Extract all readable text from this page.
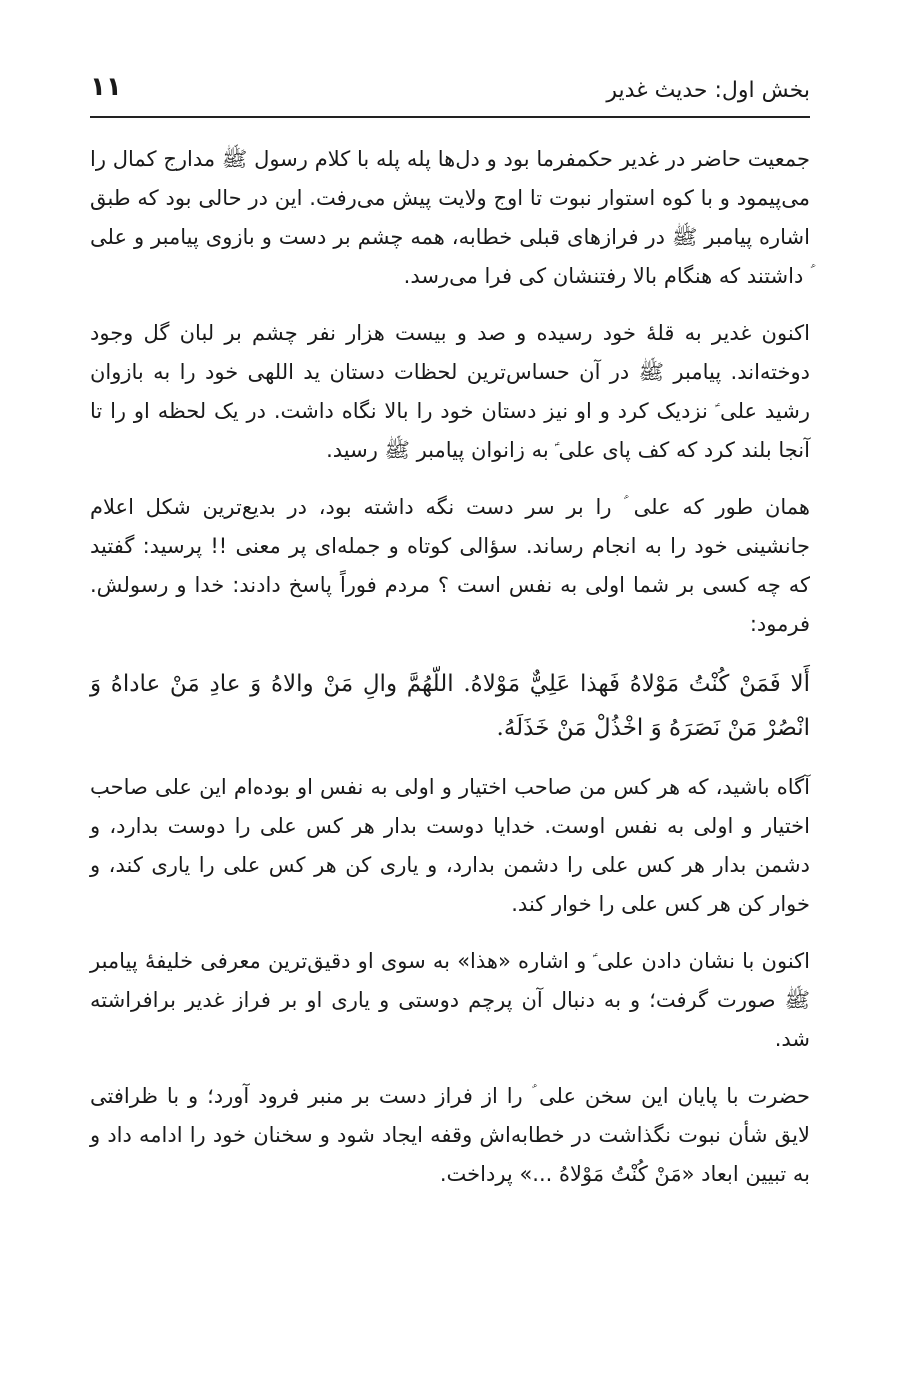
بخش اول: حدیث غدیر
۱۱

جمعیت حاضر در غدیر حکمفرما بود و دل‌ها پله پله با کلام رسول ﷺ مدارج کمال را می‌پیمود و با کوه استوار نبوت تا اوج ولایت پیش می‌رفت. این در حالی بود که طبق اشاره پیامبر ﷺ در فرازهای قبلی خطابه، همه چشم بر دست و بازوی پیامبر و علی ؑ داشتند که هنگام بالا رفتنشان کی فرا می‌رسد.

اکنون غدیر به قلهٔ خود رسیده و صد و بیست هزار نفر چشم بر لبان گل وجود دوخته‌اند. پیامبر ﷺ در آن حساس‌ترین لحظات دستان ید اللهی خود را به بازوان رشید علی ؑ نزدیک کرد و او نیز دستان خود را بالا نگاه داشت. در یک لحظه او را تا آنجا بلند کرد که کف پای علی ؑ به زانوان پیامبر ﷺ رسید.

همان طور که علی ؑ را بر سر دست نگه داشته بود، در بدیع‌ترین شکل اعلام جانشینی خود را به انجام رساند. سؤالی کوتاه و جمله‌ای پر معنی !! پرسید: گفتید که چه کسی بر شما اولی به نفس است ؟ مردم فوراً پاسخ دادند: خدا و رسولش. فرمود:

أَلا فَمَنْ كُنْتُ مَوْلاهُ فَهذا عَلِيٌّ مَوْلاهُ. اللّهُمَّ والِ مَنْ والاهُ وَ عادِ مَنْ عاداهُ وَ انْصُرْ مَنْ نَصَرَهُ وَ اخْذُلْ مَنْ خَذَلَهُ.

آگاه باشید، که هر کس من صاحب اختیار و اولی به نفس او بوده‌ام این علی صاحب اختیار و اولی به نفس اوست. خدایا دوست بدار هر کس علی را دوست بدارد، و دشمن بدار هر کس علی را دشمن بدارد، و یاری کن هر کس علی را یاری کند، و خوار کن هر کس علی را خوار کند.

اکنون با نشان دادن علی ؑ و اشاره «هذا» به سوی او دقیق‌ترین معرفی خلیفهٔ پیامبر ﷺ صورت گرفت؛ و به دنبال آن پرچم دوستی و یاری او بر فراز غدیر برافراشته شد.

حضرت با پایان این سخن علی ؑ را از فراز دست بر منبر فرود آورد؛ و با ظرافتی لایق شأن نبوت نگذاشت در خطابه‌اش وقفه ایجاد شود و سخنان خود را ادامه داد و به تبیین ابعاد «مَنْ كُنْتُ مَوْلاهُ ...» پرداخت.
